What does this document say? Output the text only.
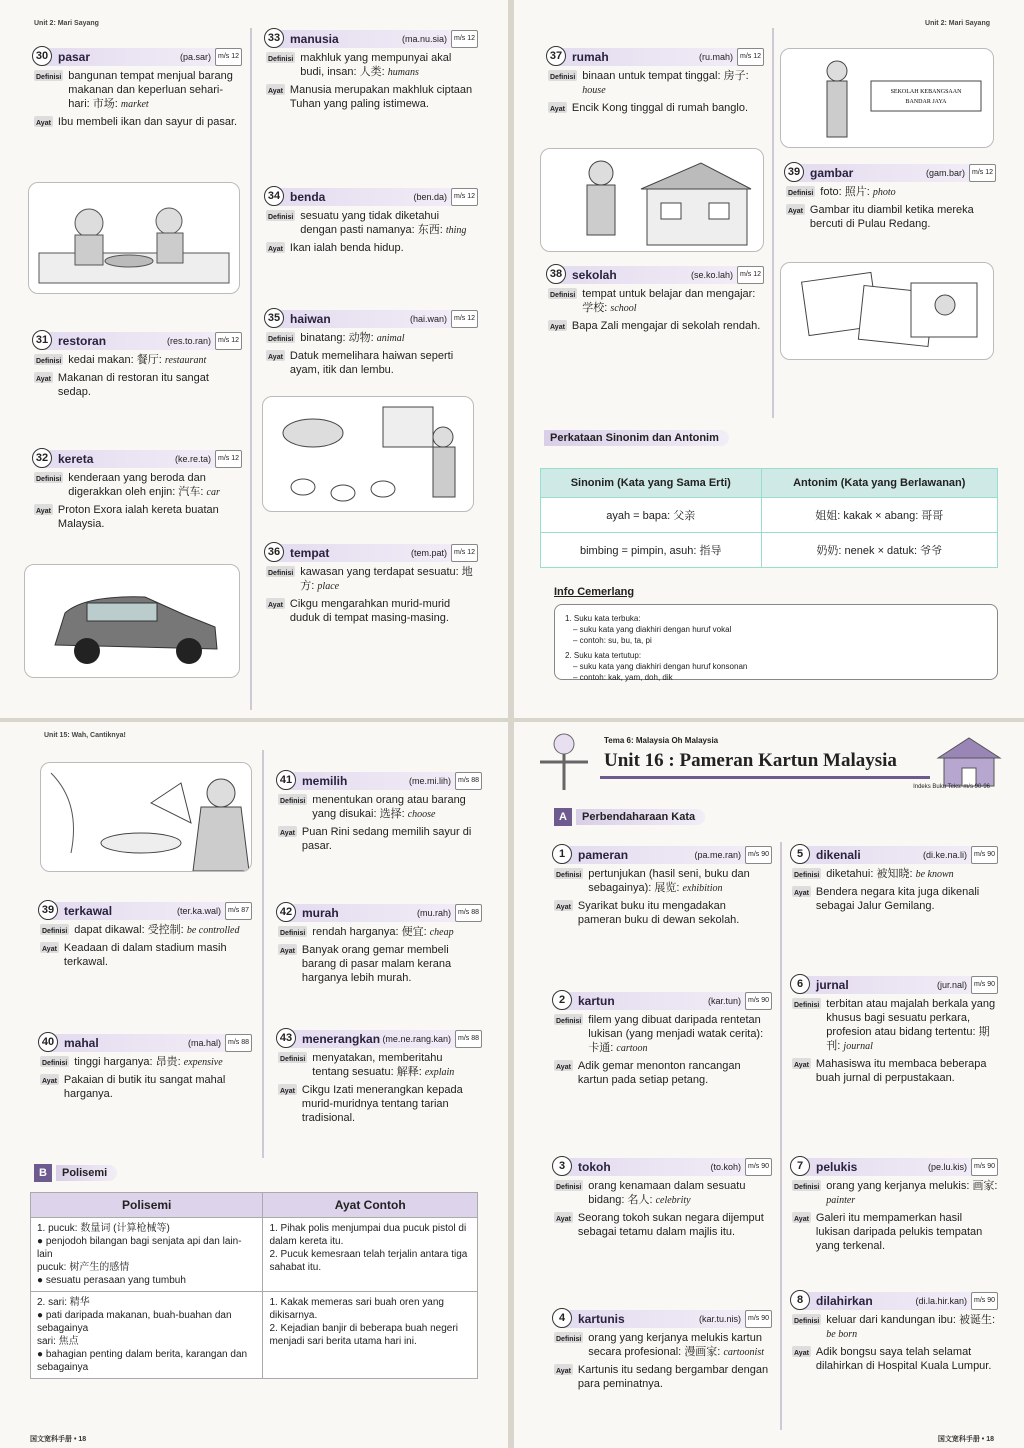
Unit 2: Mari Sayang
30 pasar	(pa.sar)	m/s 12
Definisi bangunan tempat menjual barang makanan dan keperluan sehari-hari: 市场: market
Ayat Ibu membeli ikan dan sayur di pasar.
31 restoran	(res.to.ran)	m/s 12
Definisi kedai makan: 餐厅: restaurant
Ayat Makanan di restoran itu sangat sedap.
32 kereta	(ke.re.ta)	m/s 12
Definisi kenderaan yang beroda dan digerakkan oleh enjin: 汽车: car
Ayat Proton Exora ialah kereta buatan Malaysia.
33 manusia	(ma.nu.sia)	m/s 12
Definisi makhluk yang mempunyai akal budi, insan: 人类: humans
Ayat Manusia merupakan makhluk ciptaan Tuhan yang paling istimewa.
34 benda	(ben.da)	m/s 12
Definisi sesuatu yang tidak diketahui dengan pasti namanya: 东西: thing
Ayat Ikan ialah benda hidup.
35 haiwan	(hai.wan)	m/s 12
Definisi binatang: 动物: animal
Ayat Datuk memelihara haiwan seperti ayam, itik dan lembu.
36 tempat	(tem.pat)	m/s 12
Definisi kawasan yang terdapat sesuatu: 地方: place
Ayat Cikgu mengarahkan murid-murid duduk di tempat masing-masing.
Unit 2: Mari Sayang
37 rumah	(ru.mah)	m/s 12
Definisi binaan untuk tempat tinggal: 房子: house
Ayat Encik Kong tinggal di rumah banglo.
38 sekolah	(se.ko.lah)	m/s 12
Definisi tempat untuk belajar dan mengajar: 学校: school
Ayat Bapa Zali mengajar di sekolah rendah.
SEKOLAH KEBANGSAAN
BANDAR JAYA
39 gambar	(gam.bar)	m/s 12
Definisi foto: 照片: photo
Ayat Gambar itu diambil ketika mereka bercuti di Pulau Redang.
Perkataan Sinonim dan Antonim
Sinonim (Kata yang Sama Erti)	Antonim (Kata yang Berlawanan)
ayah = bapa: 父亲	姐姐: kakak × abang: 哥哥
bimbing = pimpin, asuh: 指导	奶奶: nenek × datuk: 爷爷
Info Cemerlang
1. Suku kata terbuka:
– suku kata yang diakhiri dengan huruf vokal
– contoh: su, bu, ta, pi
2. Suku kata tertutup:
– suku kata yang diakhiri dengan huruf konsonan
– contoh: kak, yam, doh, dik
Unit 15: Wah, Cantiknya!
39 terkawal	(ter.ka.wal)	m/s 87
Definisi dapat dikawal: 受控制: be controlled
Ayat Keadaan di dalam stadium masih terkawal.
40 mahal	(ma.hal)	m/s 88
Definisi tinggi harganya: 昂贵: expensive
Ayat Pakaian di butik itu sangat mahal harganya.
41 memilih	(me.mi.lih)	m/s 88
Definisi menentukan orang atau barang yang disukai: 选择: choose
Ayat Puan Rini sedang memilih sayur di pasar.
42 murah	(mu.rah)	m/s 88
Definisi rendah harganya: 便宜: cheap
Ayat Banyak orang gemar membeli barang di pasar malam kerana harganya lebih murah.
43 menerangkan (me.ne.rang.kan)	m/s 88
Definisi menyatakan, memberitahu tentang sesuatu: 解释: explain
Ayat Cikgu Izati menerangkan kepada murid-muridnya tentang tarian tradisional.
B	Polisemi
Polisemi	Ayat Contoh
1. pucuk: 数量词 (计算枪械等)
● penjodoh bilangan bagi senjata api dan lain-lain
pucuk: 树产生的感情
● sesuatu perasaan yang tumbuh	1. Pihak polis menjumpai dua pucuk pistol di dalam kereta itu.
2. Pucuk kemesraan telah terjalin antara tiga sahabat itu.
2. sari: 精华
● pati daripada makanan, buah-buahan dan sebagainya
sari: 焦点
● bahagian penting dalam berita, karangan dan sebagainya	1. Kakak memeras sari buah oren yang dikisarnya.
2. Kejadian banjir di beberapa buah negeri menjadi sari berita utama hari ini.
国文宽科手册 • 18
Tema 6: Malaysia Oh Malaysia
Unit 16 : Pameran Kartun Malaysia
Indeks Buku Teks: m/s 90-96
A	Perbendaharaan Kata
1	pameran	(pa.me.ran)	m/s 90
Definisi pertunjukan (hasil seni, buku dan sebagainya): 展览: exhibition
Ayat Syarikat buku itu mengadakan pameran buku di dewan sekolah.
2	kartun	(kar.tun)	m/s 90
Definisi filem yang dibuat daripada rentetan lukisan (yang menjadi watak cerita): 卡通: cartoon
Ayat Adik gemar menonton rancangan kartun pada setiap petang.
3	tokoh	(to.koh)	m/s 90
Definisi orang kenamaan dalam sesuatu bidang: 名人: celebrity
Ayat Seorang tokoh sukan negara dijemput sebagai tetamu dalam majlis itu.
4	kartunis	(kar.tu.nis)	m/s 90
Definisi orang yang kerjanya melukis kartun secara profesional: 漫画家: cartoonist
Ayat Kartunis itu sedang bergambar dengan para peminatnya.
5	dikenali	(di.ke.na.li)	m/s 90
Definisi diketahui: 被知晓: be known
Ayat Bendera negara kita juga dikenali sebagai Jalur Gemilang.
6	jurnal	(jur.nal)	m/s 90
Definisi terbitan atau majalah berkala yang khusus bagi sesuatu perkara, profesion atau bidang tertentu: 期刊: journal
Ayat Mahasiswa itu membaca beberapa buah jurnal di perpustakaan.
7	pelukis	(pe.lu.kis)	m/s 90
Definisi orang yang kerjanya melukis: 画家: painter
Ayat Galeri itu mempamerkan hasil lukisan daripada pelukis tempatan yang terkenal.
8	dilahirkan	(di.la.hir.kan)	m/s 90
Definisi keluar dari kandungan ibu: 被诞生: be born
Ayat Adik bongsu saya telah selamat dilahirkan di Hospital Kuala Lumpur.
国文宽科手册 • 18
